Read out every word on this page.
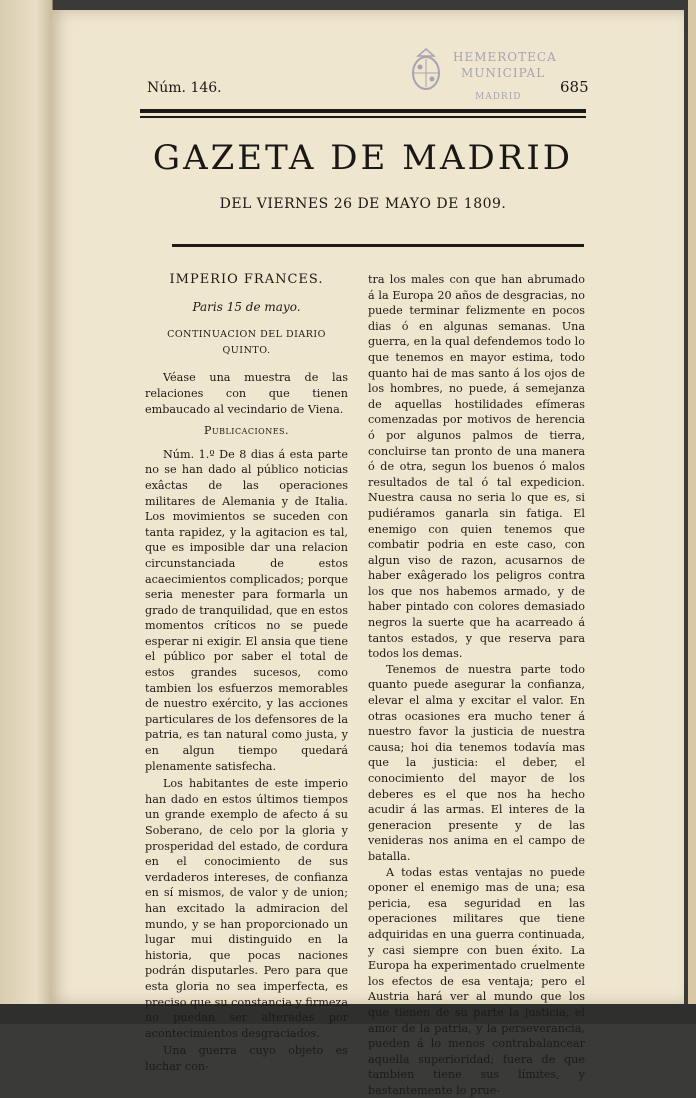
HEMEROTECA
MUNICIPAL
MADRID
Núm. 146.	685
GAZETA DE MADRID
DEL VIERNES 26 DE MAYO DE 1809.
IMPERIO FRANCES.
Paris 15 de mayo.
CONTINUACION DEL DIARIO QUINTO.

Véase una muestra de las relaciones con que tienen embaucado al vecindario de Viena.

Publicaciones.

Núm. 1.º De 8 dias á esta parte no se han dado al público noticias exâctas de las operaciones militares de Alemania y de Italia. Los movimientos se suceden con tanta rapidez, y la agitacion es tal, que es imposible dar una relacion circunstanciada de estos acaecimientos complicados; porque seria menester para formarla un grado de tranquilidad, que en estos momentos críticos no se puede esperar ni exigir. El ansia que tiene el público por saber el total de estos grandes sucesos, como tambien los esfuerzos memorables de nuestro exército, y las acciones particulares de los defensores de la patria, es tan natural como justa, y en algun tiempo quedará plenamente satisfecha.

Los habitantes de este imperio han dado en estos últimos tiempos un grande exemplo de afecto á su Soberano, de celo por la gloria y prosperidad del estado, de cordura en el conocimiento de sus verdaderos intereses, de confianza en sí mismos, de valor y de union; han excitado la admiracion del mundo, y se han proporcionado un lugar mui distinguido en la historia, que pocas naciones podrán disputarles. Pero para que esta gloria no sea imperfecta, es preciso que su constancia y firmeza no puedan ser alteradas por acontecimientos desgraciados.

Una guerra cuyo objeto es luchar con-

tra los males con que han abrumado á la Europa 20 años de desgracias, no puede terminar felizmente en pocos dias ó en algunas semanas. Una guerra, en la qual defendemos todo lo que tenemos en mayor estima, todo quanto hai de mas santo á los ojos de los hombres, no puede, á semejanza de aquellas hostilidades efímeras comenzadas por motivos de herencia ó por algunos palmos de tierra, concluirse tan pronto de una manera ó de otra, segun los buenos ó malos resultados de tal ó tal expedicion. Nuestra causa no seria lo que es, si pudiéramos ganarla sin fatiga. El enemigo con quien tenemos que combatir podria en este caso, con algun viso de razon, acusarnos de haber exâgerado los peligros contra los que nos habemos armado, y de haber pintado con colores demasiado negros la suerte que ha acarreado á tantos estados, y que reserva para todos los demas.

Tenemos de nuestra parte todo quanto puede asegurar la confianza, elevar el alma y excitar el valor. En otras ocasiones era mucho tener á nuestro favor la justicia de nuestra causa; hoi dia tenemos todavía mas que la justicia: el deber, el conocimiento del mayor de los deberes es el que nos ha hecho acudir á las armas. El interes de la generacion presente y de las venideras nos anima en el campo de batalla.

A todas estas ventajas no puede oponer el enemigo mas de una; esa pericia, esa seguridad en las operaciones militares que tiene adquiridas en una guerra continuada, y casi siempre con buen éxito. La Europa ha experimentado cruelmente los efectos de esa ventaja; pero el Austria hará ver al mundo que los que tienen de su parte la justicia, el amor de la patria, y la perseverancia, pueden á lo menos contrabalancear aquella superioridad; fuera de que tambien tiene sus límites, y bastantemente lo prue-
